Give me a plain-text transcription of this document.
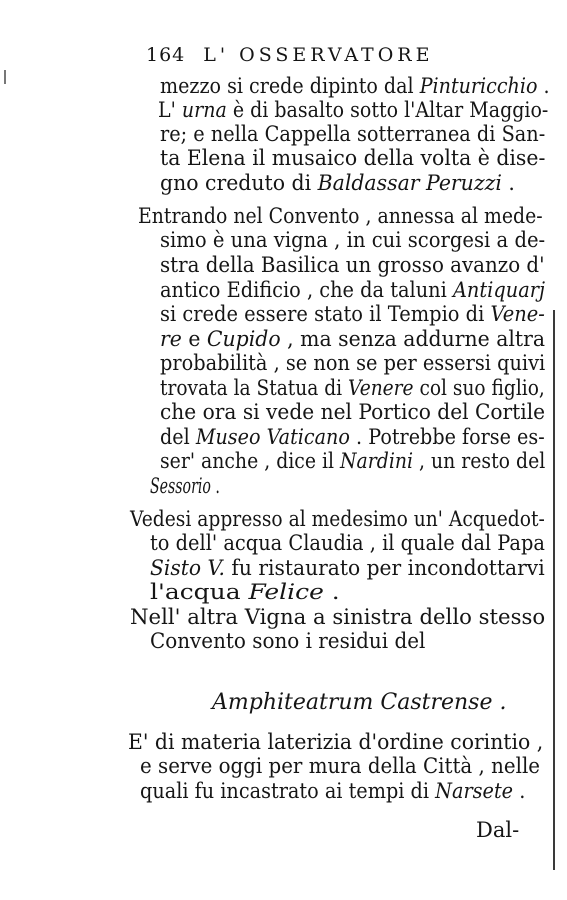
164 L' OSSERVATORE
mezzo si crede dipinto dal Pinturicchio .
L' urna è di basalto sotto l'Altar Maggio-
re; e nella Cappella sotterranea di San-
ta Elena il musaico della volta è dise-
gno creduto di Baldassar Peruzzi .
Entrando nel Convento , annessa al mede-
simo è una vigna , in cui scorgesi a de-
stra della Basilica un grosso avanzo d'
antico Edificio , che da taluni Antiquarj
si crede essere stato il Tempio di Vene-
re e Cupido , ma senza addurne altra
probabilità , se non se per essersi quivi
trovata la Statua di Venere col suo figlio,
che ora si vede nel Portico del Cortile
del Museo Vaticano . Potrebbe forse es-
ser' anche , dice il Nardini , un resto del
Sessorio .
Vedesi appresso al medesimo un' Acquedot-
to dell' acqua Claudia , il quale dal Papa
Sisto V. fu ristaurato per incondottarvi
l'acqua Felice .
Nell' altra Vigna a sinistra dello stesso
Convento sono i residui del
E' di materia laterizia d'ordine corintio ,
e serve oggi per mura della Città , nelle
quali fu incastrato ai tempi di Narsete .
Amphiteatrum Castrense .
Dal-
